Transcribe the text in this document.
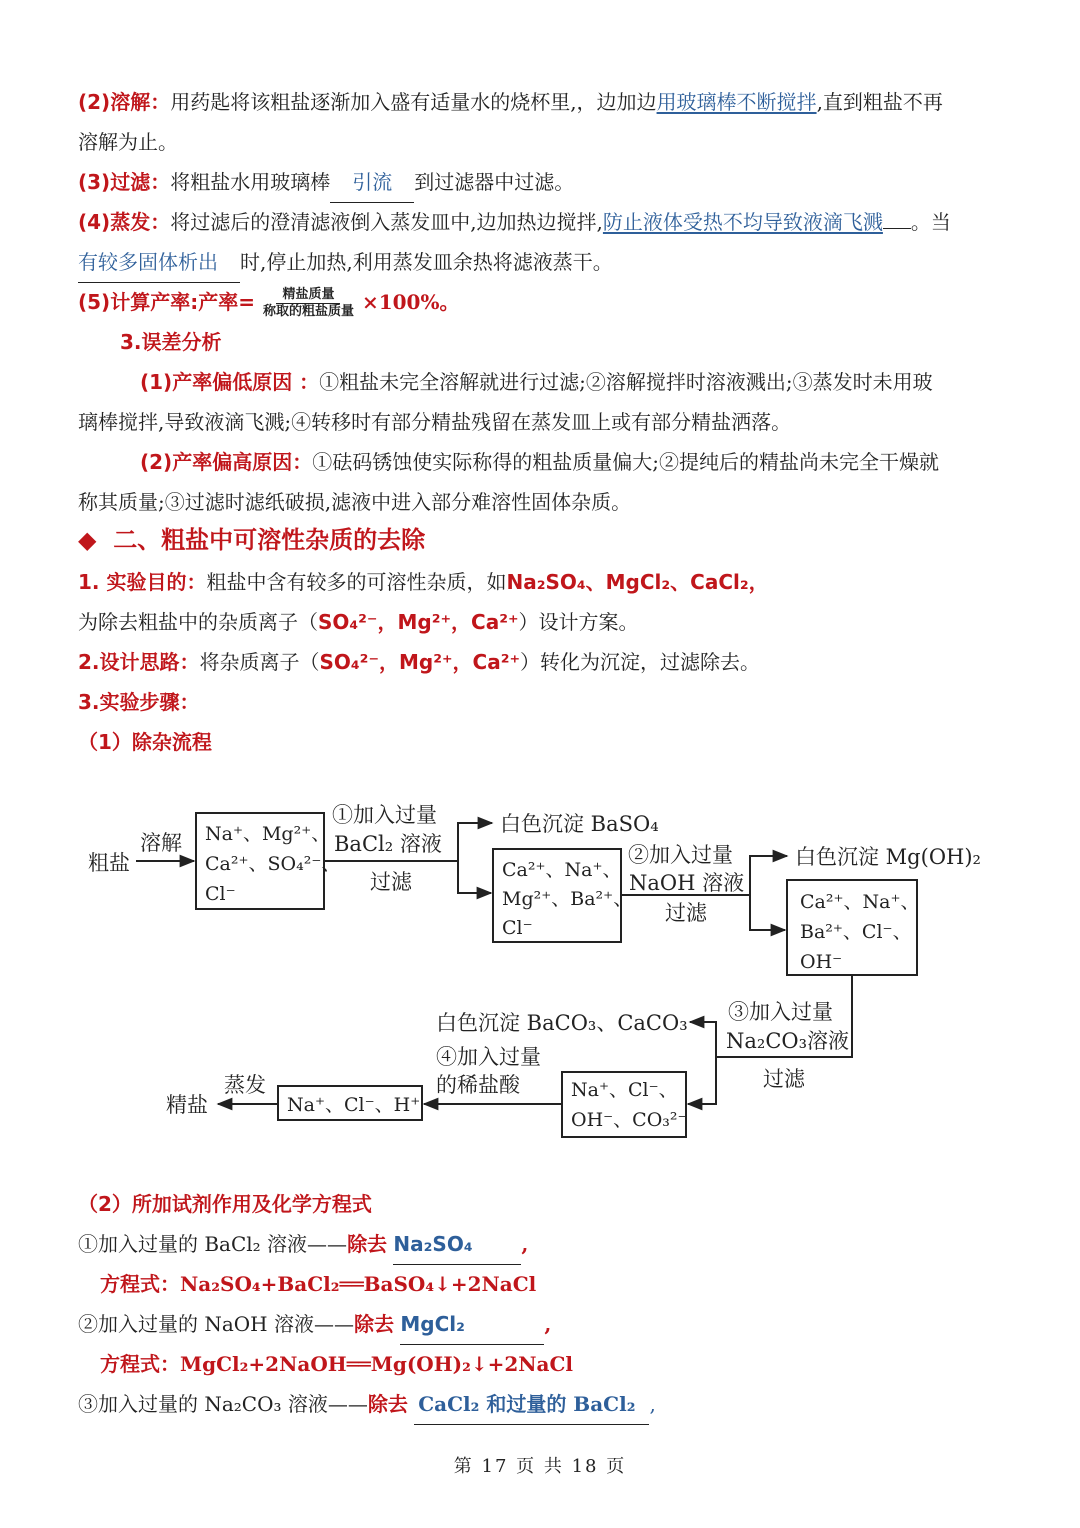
(2)溶解：用药匙将该粗盐逐渐加入盛有适量水的烧杯里,，边加边用玻璃棒不断搅拌,直到粗盐不再
溶解为止。
(3)过滤：将粗盐水用玻璃棒 引流 到过滤器中过滤。
(4)蒸发：将过滤后的澄清滤液倒入蒸发皿中,边加热边搅拌,防止液体受热不均导致液滴飞溅 。当
有较多固体析出 时,停止加热,利用蒸发皿余热将滤液蒸干。
(5)计算产率:产率= $\frac{\text{精盐质量}}{\text{称取的粗盐质量}} \times 100\%$。
3.误差分析
(1)产率偏低原因 ：①粗盐未完全溶解就进行过滤;②溶解搅拌时溶液溅出;③蒸发时未用玻
璃棒搅拌,导致液滴飞溅;④转移时有部分精盐残留在蒸发皿上或有部分精盐洒落。
(2)产率偏高原因：①砝码锈蚀使实际称得的粗盐质量偏大;②提纯后的精盐尚未完全干燥就
称其质量;③过滤时滤纸破损,滤液中进入部分难溶性固体杂质。
◆ 二、粗盐中可溶性杂质的去除
1. 实验目的：粗盐中含有较多的可溶性杂质，如Na₂SO₄、MgCl₂、CaCl₂，
为除去粗盐中的杂质离子（SO₄²⁻，Mg²⁺，Ca²⁺）设计方案。
2.设计思路：将杂质离子（SO₄²⁻，Mg²⁺，Ca²⁺）转化为沉淀，过滤除去。
3.实验步骤：
（1）除杂流程
粗盐
溶解 Na⁺、Mg²⁺、
Ca²⁺、SO₄²⁻、
Cl⁻
①加入过量
BaCl₂ 溶液
过滤
白色沉淀 BaSO₄
Ca²⁺、Na⁺、
Mg²⁺、Ba²⁺、
Cl⁻
②加入过量
NaOH 溶液
过滤
白色沉淀 Mg(OH)₂
Ca²⁺、Na⁺、
Ba²⁺、Cl⁻、
OH⁻
③加入过量
Na₂CO₃溶液
过滤
白色沉淀 BaCO₃、CaCO₃
Na⁺、Cl⁻、
OH⁻、CO₃²⁻
④加入过量
的稀盐酸
Na⁺、Cl⁻、H⁺
蒸发
精盐
（2）所加试剂作用及化学方程式
①加入过量的 BaCl₂ 溶液——除去 Na₂SO₄ ,
方程式：Na₂SO₄+BaCl₂══BaSO₄↓+2NaCl
②加入过量的 NaOH 溶液——除去 MgCl₂	,
方程式：MgCl₂+2NaOH══Mg(OH)₂↓+2NaCl
③加入过量的 Na₂CO₃ 溶液——除去 CaCl₂ 和过量的 BaCl₂ ,
第 17 页 共 18 页
